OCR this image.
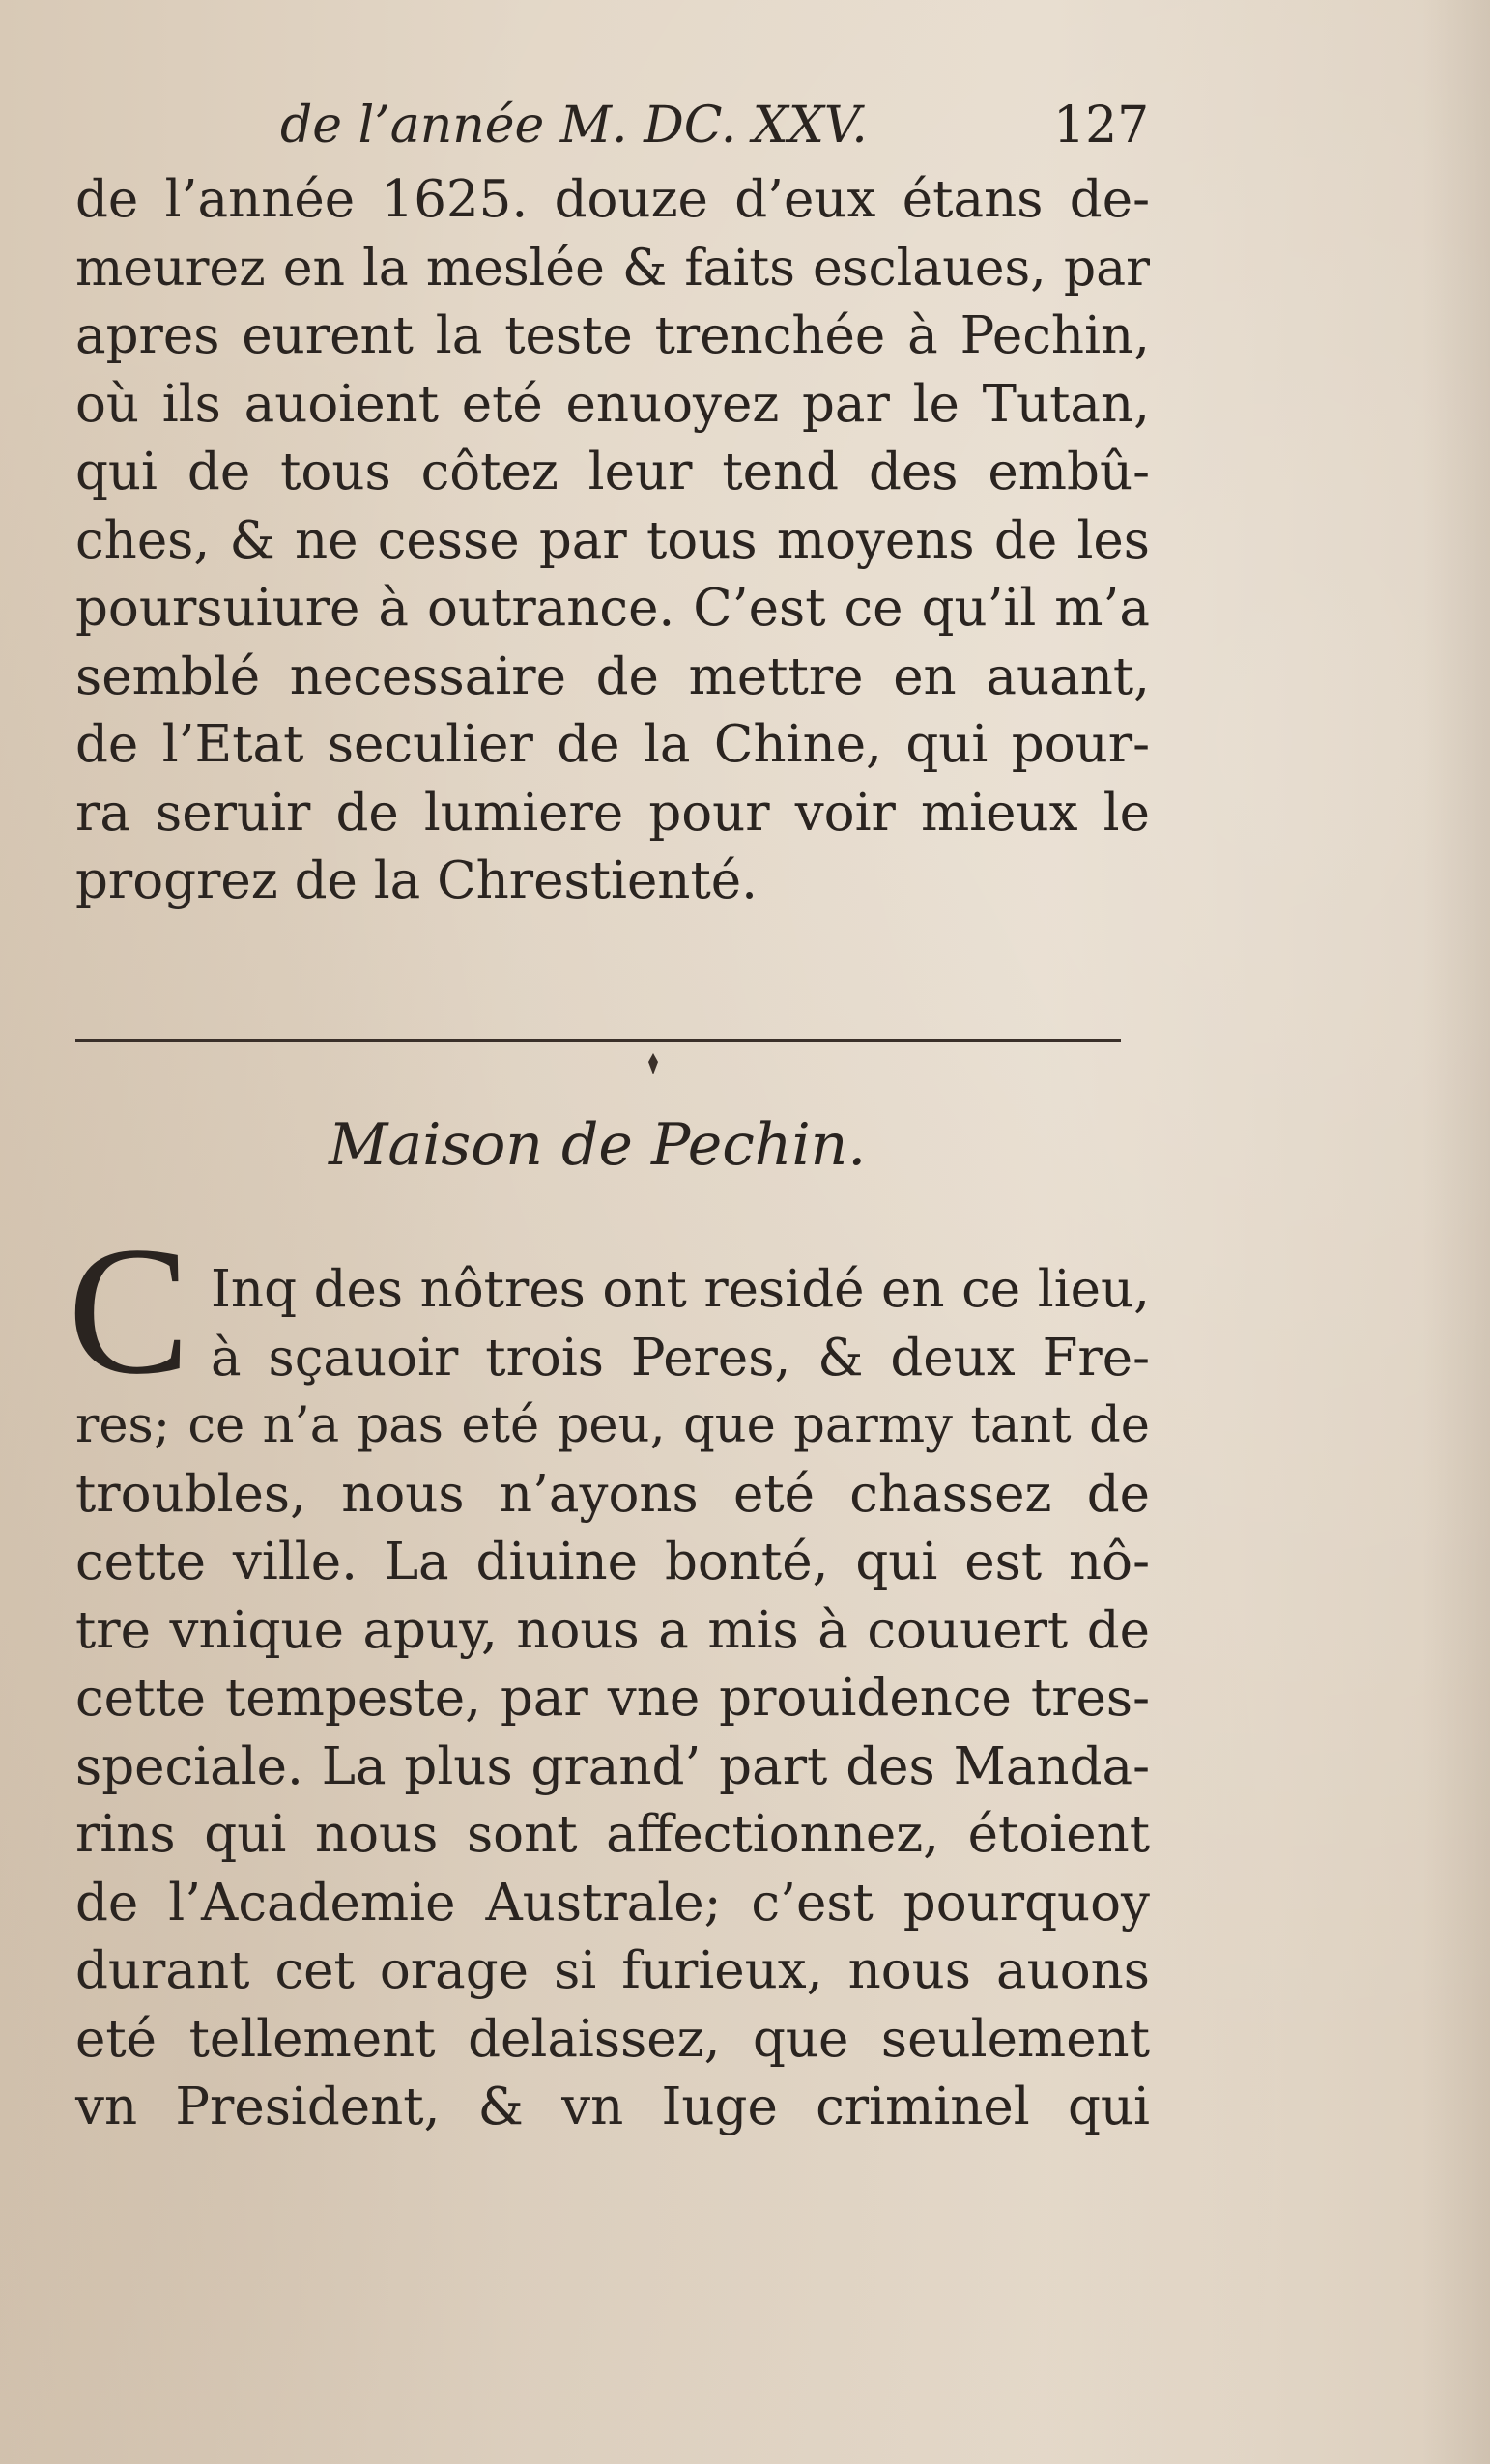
de l’année M. DC. XXV.	127
de l’année 1625. douze d’eux étans de-
meurez en la meslée & faits esclaues, par
apres eurent la teste trenchée à Pechin,
où ils auoient eté enuoyez par le Tutan,
qui de tous côtez leur tend des embû-
ches, & ne cesse par tous moyens de les
poursuiure à outrance. C’est ce qu’il m’a
semblé necessaire de mettre en auant,
de l’Etat seculier de la Chine, qui pour-
ra seruir de lumiere pour voir mieux le
progrez de la Chrestienté.
Maison de Pechin.
C Inq des nôtres ont residé en ce lieu,
à sçauoir trois Peres, & deux Fre-
res; ce n’a pas eté peu, que parmy tant de
troubles, nous n’ayons eté chassez de
cette ville. La diuine bonté, qui est nô-
tre vnique apuy, nous a mis à couuert de
cette tempeste, par vne prouidence tres-
speciale. La plus grand’ part des Manda-
rins qui nous sont affectionnez, étoient
de l’Academie Australe; c’est pourquoy
durant cet orage si furieux, nous auons
eté tellement delaissez, que seulement
vn President, & vn Iuge criminel qui
